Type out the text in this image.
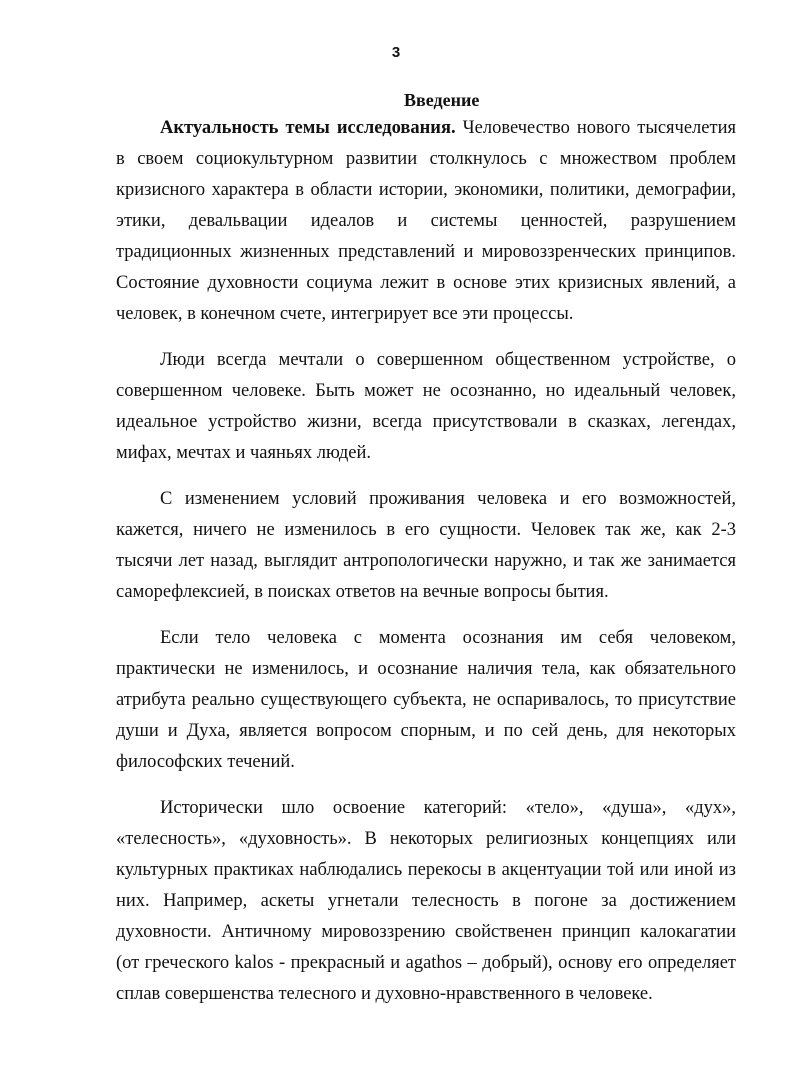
3
Введение

Актуальность темы исследования. Человечество нового тысячелетия в своем социокультурном развитии столкнулось с множеством проблем кризисного характера в области истории, экономики, политики, демографии, этики, девальвации идеалов и системы ценностей, разрушением традиционных жизненных представлений и мировоззренческих принципов. Состояние духовности социума лежит в основе этих кризисных явлений, а человек, в конечном счете, интегрирует все эти процессы.

Люди всегда мечтали о совершенном общественном устройстве, о совершенном человеке. Быть может не осознанно, но идеальный человек, идеальное устройство жизни, всегда присутствовали в сказках, легендах, мифах, мечтах и чаяньях людей.

С изменением условий проживания человека и его возможностей, кажется, ничего не изменилось в его сущности. Человек так же, как 2-3 тысячи лет назад, выглядит антропологически наружно, и так же занимается саморефлексией, в поисках ответов на вечные вопросы бытия.

Если тело человека с момента осознания им себя человеком, практически не изменилось, и осознание наличия тела, как обязательного атрибута реально существующего субъекта, не оспаривалось, то присутствие души и Духа, является вопросом спорным, и по сей день, для некоторых философских течений.

Исторически шло освоение категорий: «тело», «душа», «дух», «телесность», «духовность». В некоторых религиозных концепциях или культурных практиках наблюдались перекосы в акцентуации той или иной из них. Например, аскеты угнетали телесность в погоне за достижением духовности. Античному мировоззрению свойственен принцип калокагатии (от греческого kalos - прекрасный и agathos – добрый), основу его определяет сплав совершенства телесного и духовно-нравственного в человеке.
